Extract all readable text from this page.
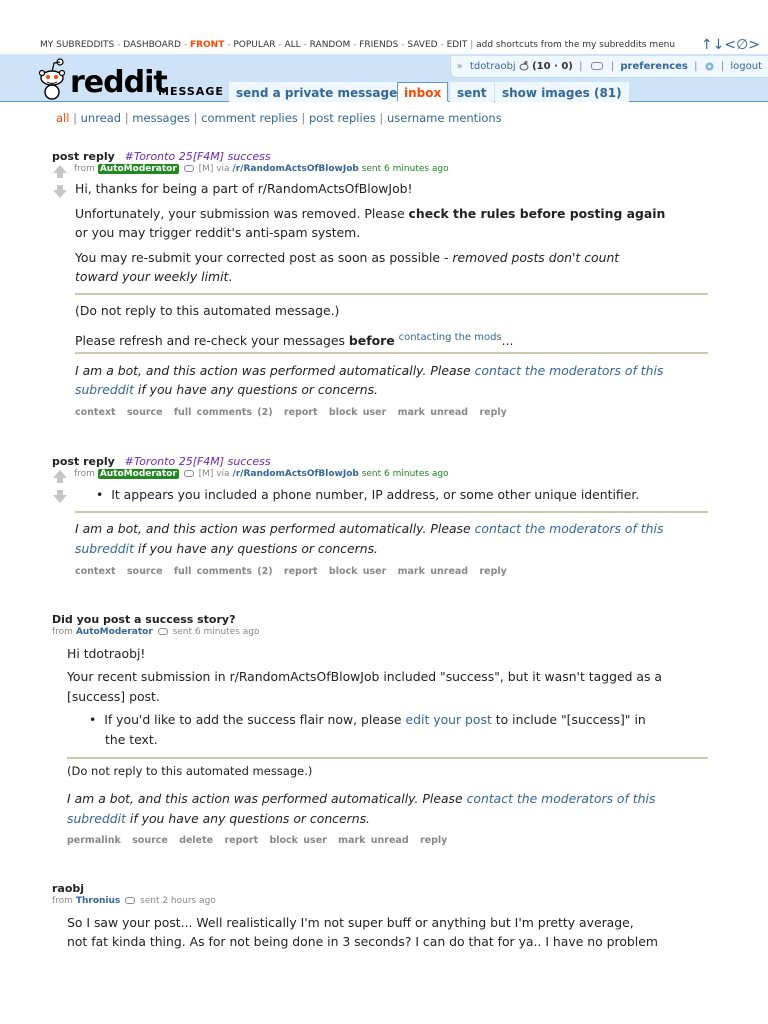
MY SUBREDDITS - DASHBOARD - FRONT - POPULAR - ALL - RANDOM - FRIENDS - SAVED - EDIT | add shortcuts from the my subreddits menu ↑↓<∅>
reddit
MESSAGE	send a private message inbox	sent	show images (81)
» tdotraobj (10 · 0) |	| preferences | | logout
all | unread | messages | comment replies | post replies | username mentions
post reply #Toronto 25[F4M] success
from AutoModerator [M] via /r/RandomActsOfBlowJob sent 6 minutes ago
Hi, thanks for being a part of r/RandomActsOfBlowJob!
Unfortunately, your submission was removed. Please check the rules before posting again
or you may trigger reddit's anti-spam system.
You may re-submit your corrected post as soon as possible - removed posts don't count
toward your weekly limit.
(Do not reply to this automated message.)
Please refresh and re-check your messages before $^{contacting the mods}$...
I am a bot, and this action was performed automatically. Please contact the moderators of this
subreddit if you have any questions or concerns.
context source full comments (2) report block user mark unread reply
post reply #Toronto 25[F4M] success
from AutoModerator [M] via /r/RandomActsOfBlowJob sent 6 minutes ago
• It appears you included a phone number, IP address, or some other unique identifier.
I am a bot, and this action was performed automatically. Please contact the moderators of this
subreddit if you have any questions or concerns.
context source full comments (2) report block user mark unread reply
Did you post a success story?
from AutoModerator sent 6 minutes ago
Hi tdotraobj!
Your recent submission in r/RandomActsOfBlowJob included "success", but it wasn't tagged as a
[success] post.
• If you'd like to add the success flair now, please edit your post to include "[success]" in
the text.
(Do not reply to this automated message.)
I am a bot, and this action was performed automatically. Please contact the moderators of this
subreddit if you have any questions or concerns.
permalink source delete report block user mark unread reply
raobj
from Thronius sent 2 hours ago
So I saw your post... Well realistically I'm not super buff or anything but I'm pretty average,
not fat kinda thing. As for not being done in 3 seconds? I can do that for ya.. I have no problem
